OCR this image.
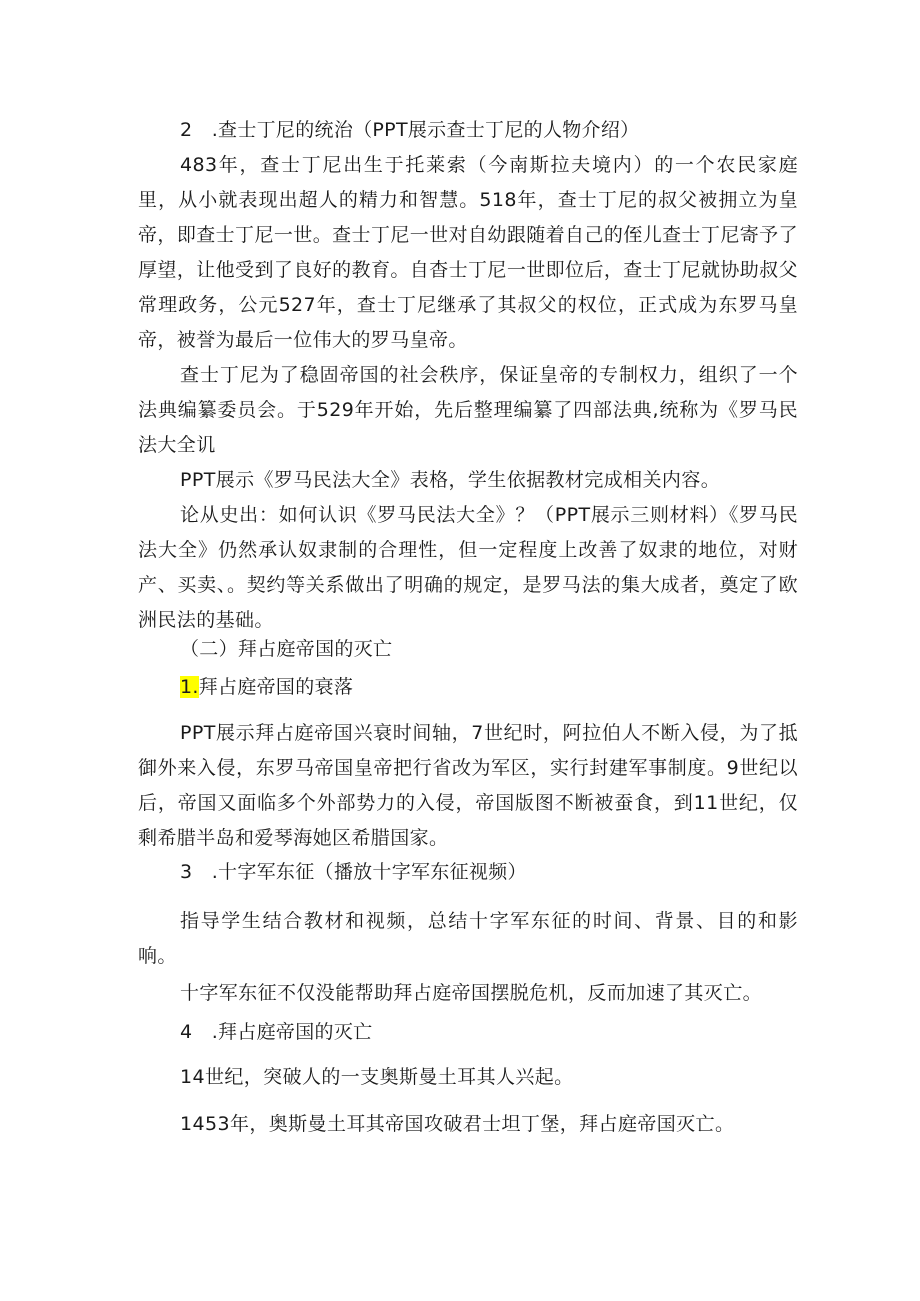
2　.查士丁尼的统治（PPT展示查士丁尼的人物介绍）
483年，查士丁尼出生于托莱索（今南斯拉夫境内）的一个农民家庭里，从小就表现出超人的精力和智慧。518年，查士丁尼的叔父被拥立为皇帝，即查士丁尼一世。查士丁尼一世对自幼跟随着自己的侄儿查士丁尼寄予了厚望，让他受到了良好的教育。自杳士丁尼一世即位后，查士丁尼就协助叔父常理政务，公元527年，查士丁尼继承了其叔父的权位，正式成为东罗马皇帝，被誉为最后一位伟大的罗马皇帝。
查士丁尼为了稳固帝国的社会秩序，保证皇帝的专制权力，组织了一个法典编纂委员会。于529年开始，先后整理编纂了四部法典,统称为《罗马民法大全讥
PPT展示《罗马民法大全》表格，学生依据教材完成相关内容。
论从史出：如何认识《罗马民法大全》？（PPT展示三则材料）《罗马民法大全》仍然承认奴隶制的合理性，但一定程度上改善了奴隶的地位，对财产、买卖、。契约等关系做出了明确的规定，是罗马法的集大成者，奠定了欧洲民法的基础。
（二）拜占庭帝国的灭亡
1.拜占庭帝国的衰落
PPT展示拜占庭帝国兴衰时间轴，7世纪时，阿拉伯人不断入侵，为了抵御外来入侵，东罗马帝国皇帝把行省改为军区，实行封建军事制度。9世纪以后，帝国又面临多个外部势力的入侵，帝国版图不断被蚕食，到11世纪，仅剩希腊半岛和爱琴海她区希腊国家。
3　.十字军东征（播放十字军东征视频）
指导学生结合教材和视频，总结十字军东征的时间、背景、目的和影响。
十字军东征不仅没能帮助拜占庭帝国摆脱危机，反而加速了其灭亡。
4　.拜占庭帝国的灭亡
14世纪，突破人的一支奥斯曼土耳其人兴起。
1453年，奥斯曼土耳其帝国攻破君士坦丁堡，拜占庭帝国灭亡。
